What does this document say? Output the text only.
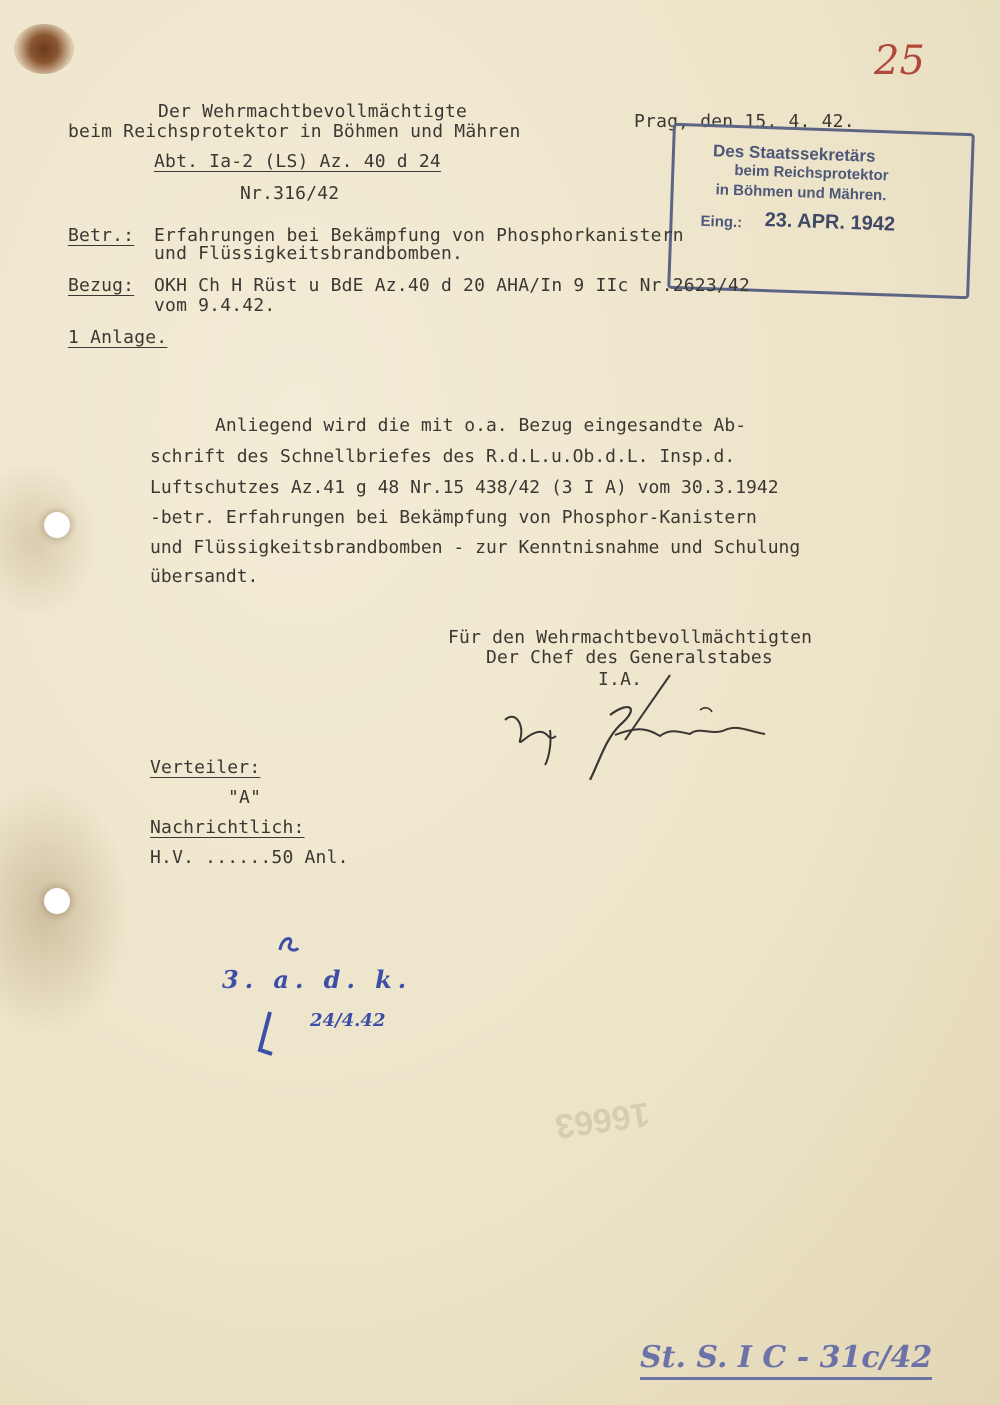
25
Der Wehrmachtbevollmächtigte
beim Reichsprotektor in Böhmen und Mähren
Abt. Ia-2 (LS) Az. 40 d 24
Nr.316/42
Prag, den 15. 4. 42.
Des Staatssekretärs
beim Reichsprotektor
in Böhmen und Mähren.
Eing.: 23. APR. 1942
Betr.: Erfahrungen bei Bekämpfung von Phosphorkanistern
und Flüssigkeitsbrandbomben.
Bezug: OKH Ch H Rüst u BdE Az.40 d 20 AHA/In 9 IIc Nr.2623/42
vom 9.4.42.
1 Anlage.
Anliegend wird die mit o.a. Bezug eingesandte Ab-
schrift des Schnellbriefes des R.d.L.u.Ob.d.L. Insp.d.
Luftschutzes Az.41 g 48 Nr.15 438/42 (3 I A) vom 30.3.1942
-betr. Erfahrungen bei Bekämpfung von Phosphor-Kanistern
und Flüssigkeitsbrandbomben - zur Kenntnisnahme und Schulung
übersandt.
Für den Wehrmachtbevollmächtigten
Der Chef des Generalstabes
I.A.
Verteiler:
"A"
Nachrichtlich:
H.V. ......50 Anl.
3. a. d. k.
24/4.42
16663
St. S. I C - 31c/42
